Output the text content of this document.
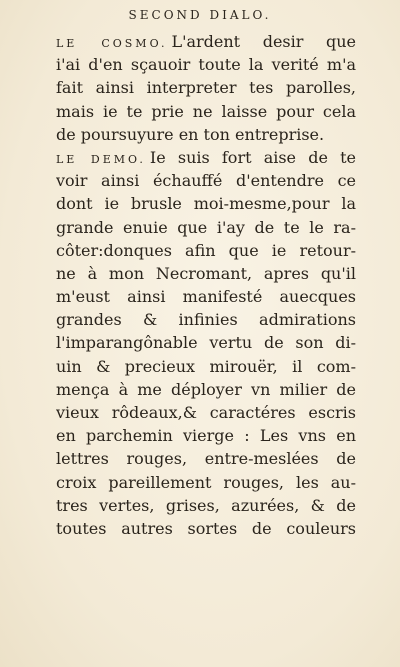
SECOND DIALO.
LE COSMO. L'ardent desir que
i'ai d'en sçauoir toute la verité m'a
fait ainsi interpreter tes parolles,
mais ie te prie ne laisse pour cela
de poursuyure en ton entreprise.
LE DEMO. Ie suis fort aise de te
voir ainsi échauffé d'entendre ce
dont ie brusle moi-mesme,pour la
grande enuie que i'ay de te le ra-
côter:donques afin que ie retour-
ne à mon Necromant, apres qu'il
m'eust ainsi manifesté auecques
grandes & infinies admirations
l'imparangônable vertu de son di-
uin & precieux mirouër, il com-
mença à me déployer vn milier de
vieux rôdeaux,& caractéres escris
en parchemin vierge : Les vns en
lettres rouges, entre-meslées de
croix pareillement rouges, les au-
tres vertes, grises, azurées, & de
toutes autres sortes de couleurs
